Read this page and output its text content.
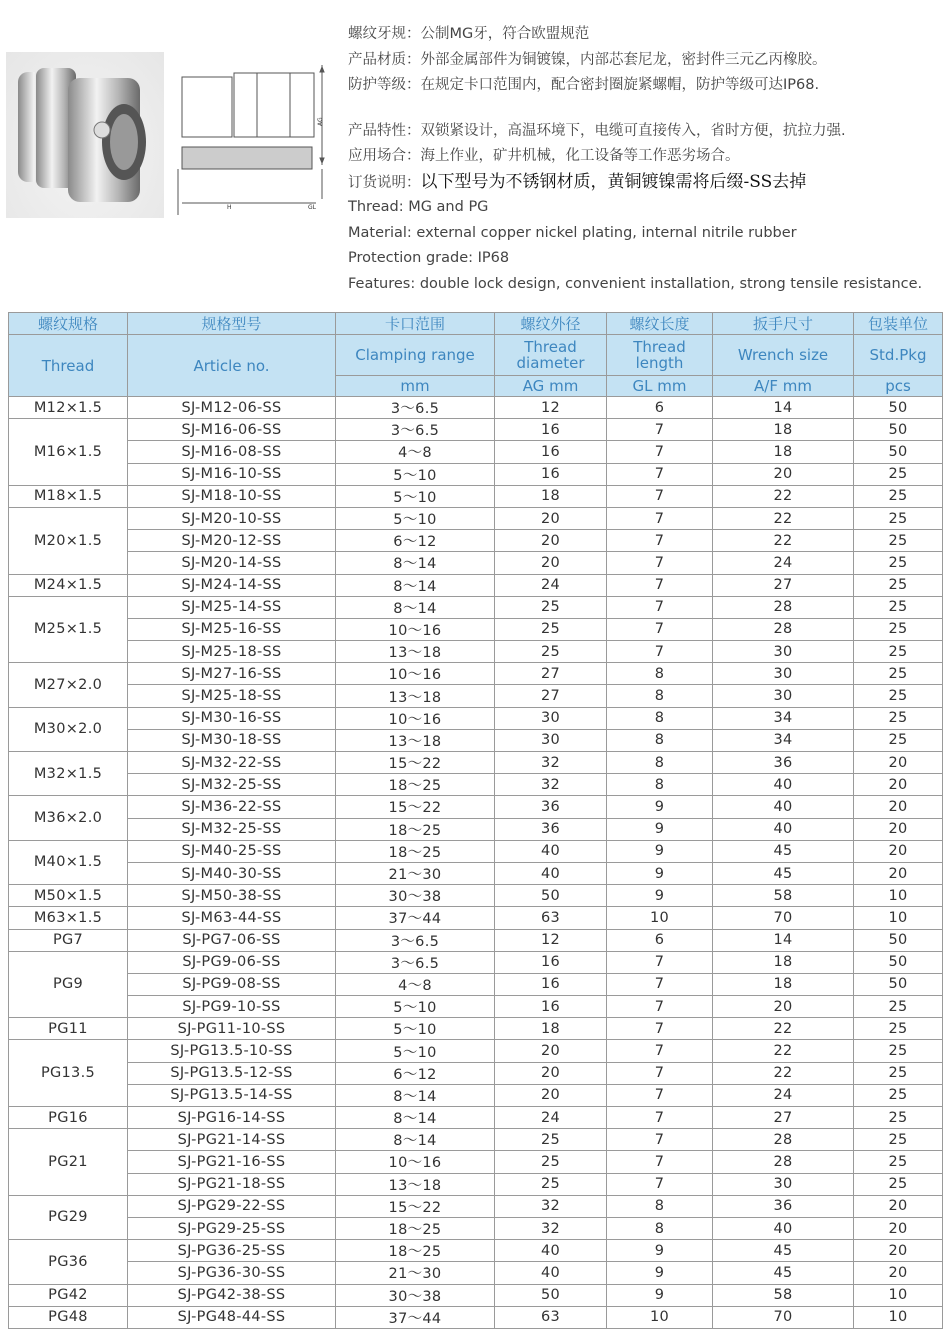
H	GL
AG
螺纹牙规：公制MG牙，符合欧盟规范
产品材质：外部金属部件为铜镀镍，内部芯套尼龙，密封件三元乙丙橡胶。
防护等级：在规定卡口范围内，配合密封圈旋紧螺帽，防护等级可达IP68.
产品特性：双锁紧设计，高温环境下，电缆可直接传入，省时方便，抗拉力强.
应用场合：海上作业，矿井机械，化工设备等工作恶劣场合。
订货说明：以下型号为不锈钢材质，黄铜镀镍需将后缀-SS去掉
Thread: MG and PG
Material: external copper nickel plating, internal nitrile rubber
Protection grade: IP68
Features: double lock design, convenient installation, strong tensile resistance.
螺纹规格	规格型号	卡口范围	螺纹外径	螺纹长度	扳手尺寸	包装单位
Thread	Article no.	Clamping range	Thread diameter	Thread length	Wrench size	Std.Pkg
		mm	AG mm	GL mm	A/F mm	pcs
M12×1.5	SJ-M12-06-SS	3～6.5	12	6	14	50
M16×1.5	SJ-M16-06-SS	3～6.5	16	7	18	50
	SJ-M16-08-SS	4～8	16	7	18	50
	SJ-M16-10-SS	5～10	16	7	20	25
M18×1.5	SJ-M18-10-SS	5～10	18	7	22	25
M20×1.5	SJ-M20-10-SS	5～10	20	7	22	25
	SJ-M20-12-SS	6～12	20	7	22	25
	SJ-M20-14-SS	8～14	20	7	24	25
M24×1.5	SJ-M24-14-SS	8～14	24	7	27	25
M25×1.5	SJ-M25-14-SS	8～14	25	7	28	25
	SJ-M25-16-SS	10～16	25	7	28	25
	SJ-M25-18-SS	13～18	25	7	30	25
M27×2.0	SJ-M27-16-SS	10～16	27	8	30	25
	SJ-M25-18-SS	13～18	27	8	30	25
M30×2.0	SJ-M30-16-SS	10～16	30	8	34	25
	SJ-M30-18-SS	13～18	30	8	34	25
M32×1.5	SJ-M32-22-SS	15～22	32	8	36	20
	SJ-M32-25-SS	18～25	32	8	40	20
M36×2.0	SJ-M36-22-SS	15～22	36	9	40	20
	SJ-M32-25-SS	18～25	36	9	40	20
M40×1.5	SJ-M40-25-SS	18～25	40	9	45	20
	SJ-M40-30-SS	21～30	40	9	45	20
M50×1.5	SJ-M50-38-SS	30～38	50	9	58	10
M63×1.5	SJ-M63-44-SS	37～44	63	10	70	10
PG7	SJ-PG7-06-SS	3～6.5	12	6	14	50
PG9	SJ-PG9-06-SS	3～6.5	16	7	18	50
	SJ-PG9-08-SS	4～8	16	7	18	50
	SJ-PG9-10-SS	5～10	16	7	20	25
PG11	SJ-PG11-10-SS	5～10	18	7	22	25
PG13.5	SJ-PG13.5-10-SS	5～10	20	7	22	25
	SJ-PG13.5-12-SS	6～12	20	7	22	25
	SJ-PG13.5-14-SS	8～14	20	7	24	25
PG16	SJ-PG16-14-SS	8～14	24	7	27	25
PG21	SJ-PG21-14-SS	8～14	25	7	28	25
	SJ-PG21-16-SS	10～16	25	7	28	25
	SJ-PG21-18-SS	13～18	25	7	30	25
PG29	SJ-PG29-22-SS	15～22	32	8	36	20
	SJ-PG29-25-SS	18～25	32	8	40	20
PG36	SJ-PG36-25-SS	18～25	40	9	45	20
	SJ-PG36-30-SS	21～30	40	9	45	20
PG42	SJ-PG42-38-SS	30～38	50	9	58	10
PG48	SJ-PG48-44-SS	37～44	63	10	70	10
